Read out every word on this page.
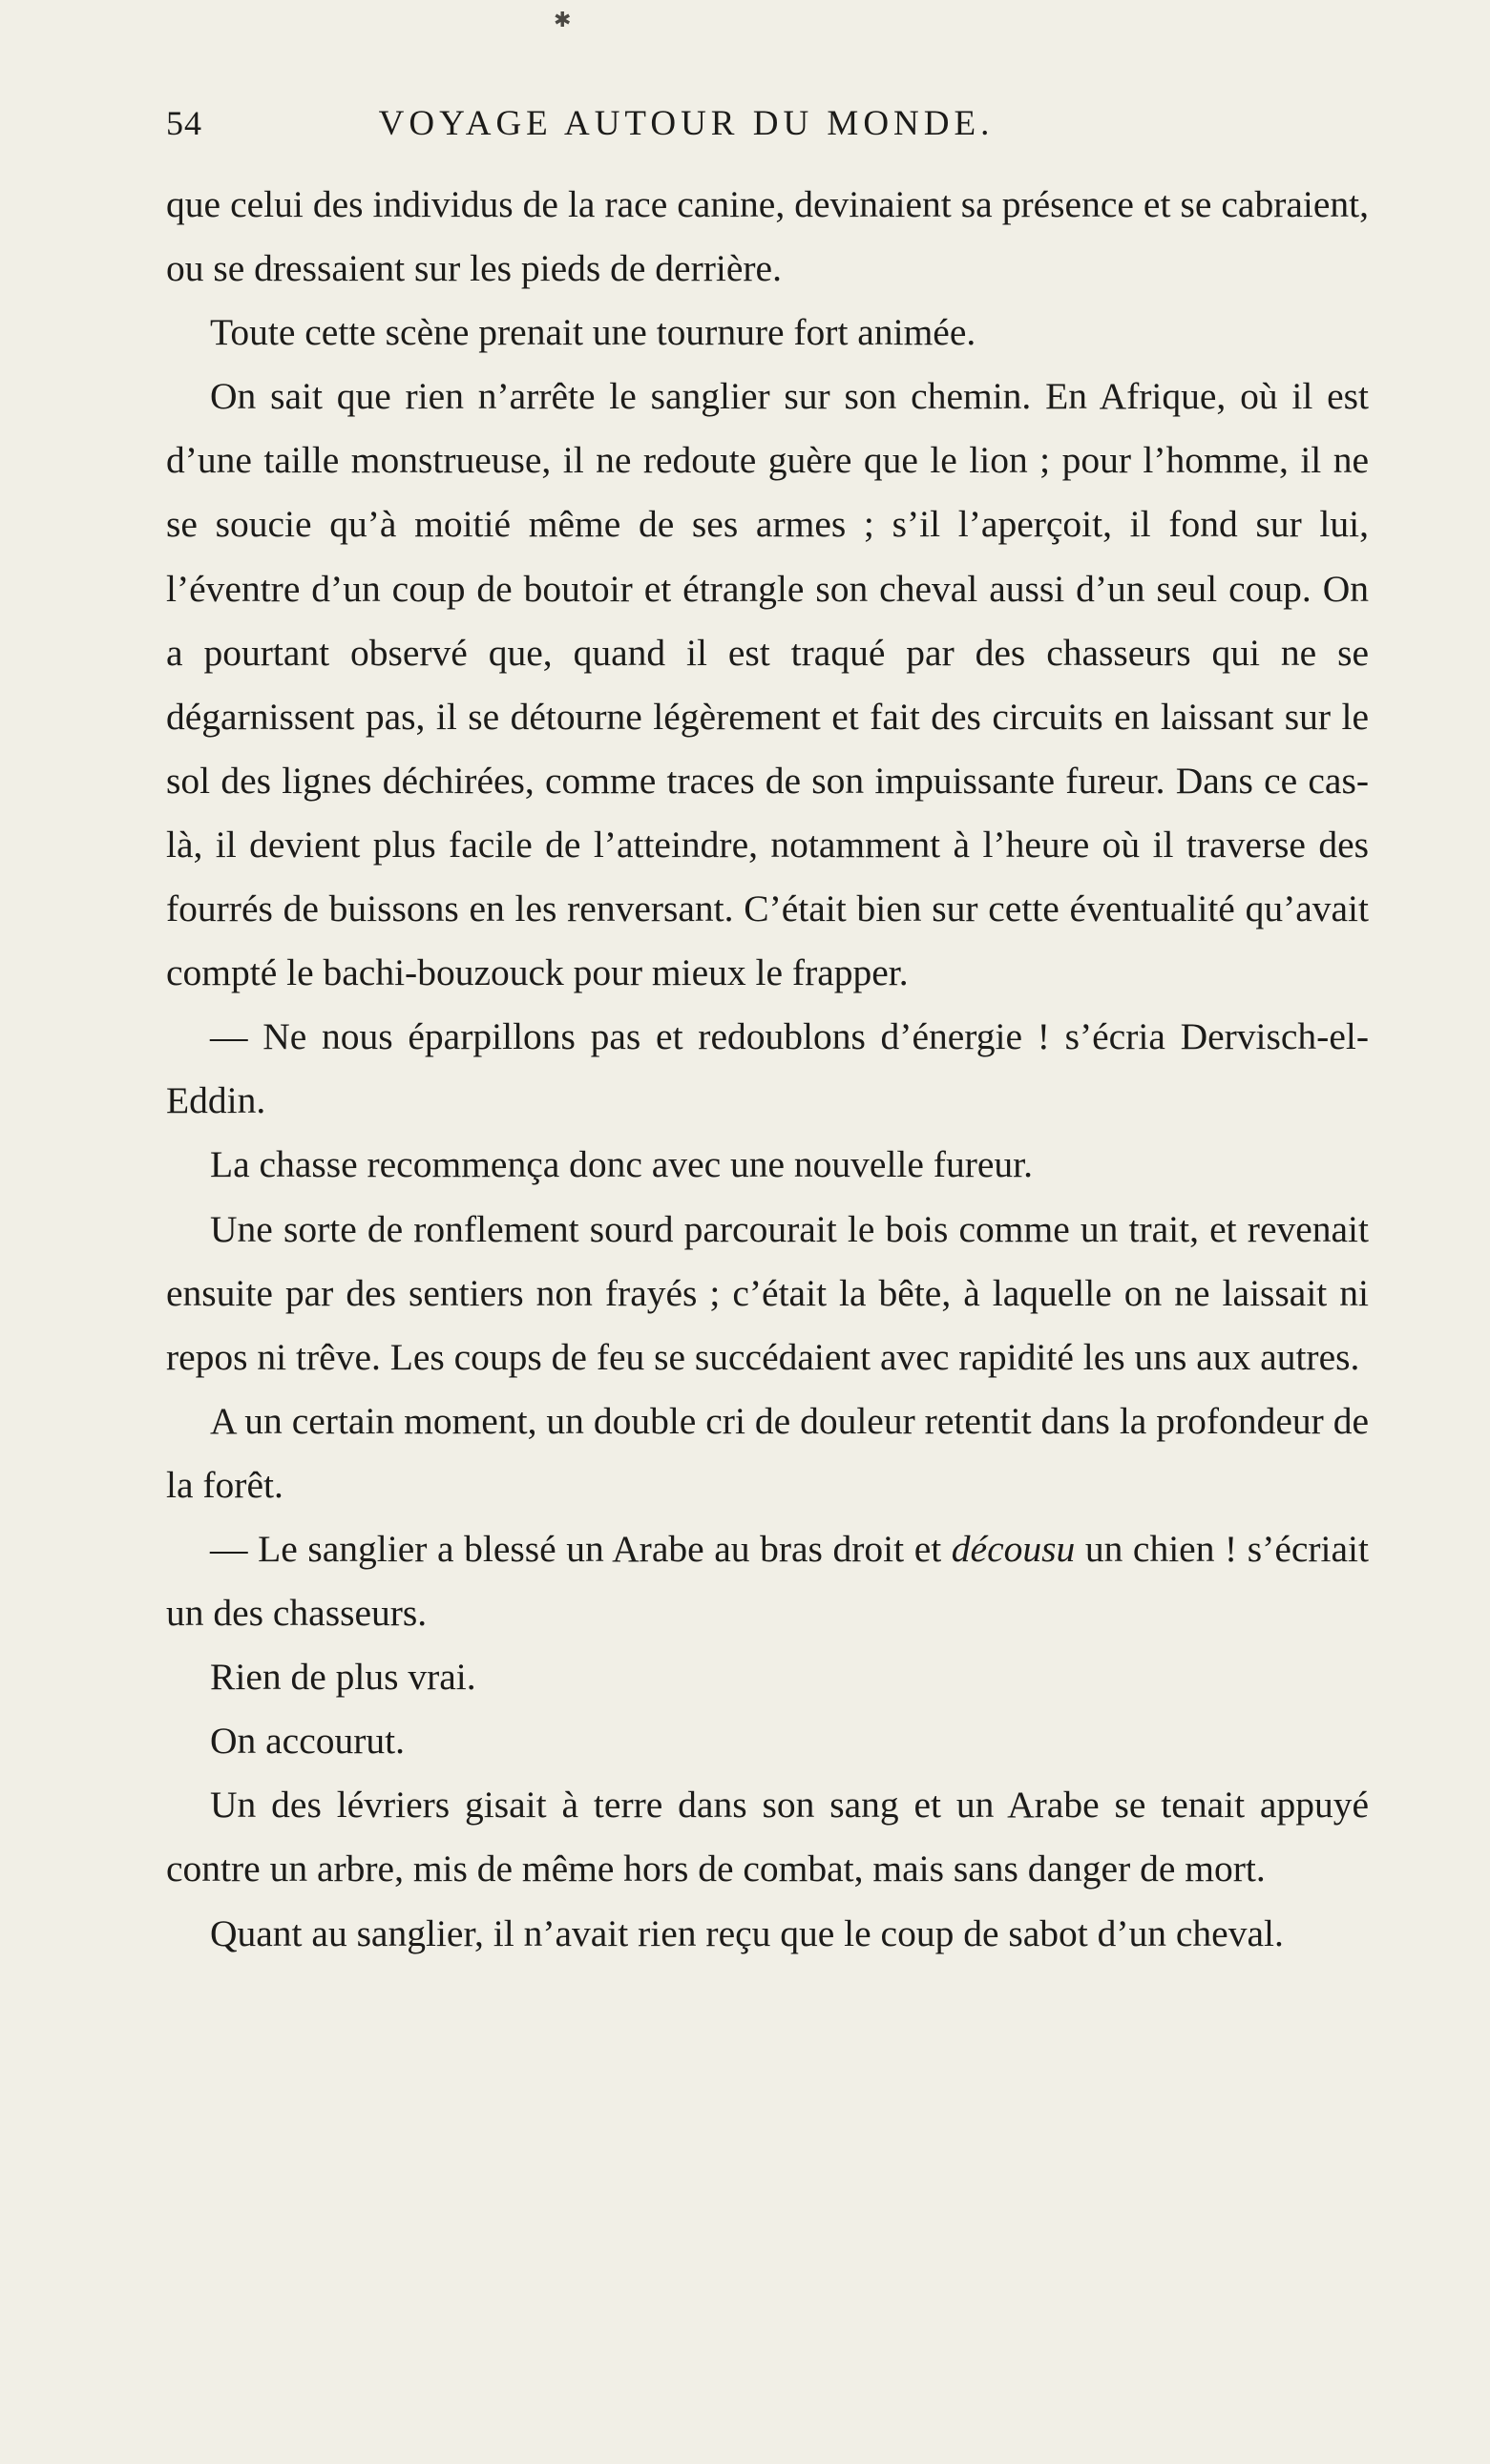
✱
54	VOYAGE AUTOUR DU MONDE.

que celui des individus de la race canine, devinaient sa présence et se cabraient, ou se dressaient sur les pieds de derrière.

Toute cette scène prenait une tournure fort animée.

On sait que rien n’arrête le sanglier sur son chemin. En Afrique, où il est d’une taille monstrueuse, il ne redoute guère que le lion ; pour l’homme, il ne se soucie qu’à moitié même de ses armes ; s’il l’aperçoit, il fond sur lui, l’éventre d’un coup de boutoir et étrangle son cheval aussi d’un seul coup. On a pourtant observé que, quand il est traqué par des chasseurs qui ne se dégarnissent pas, il se détourne légèrement et fait des circuits en laissant sur le sol des lignes déchirées, comme traces de son impuissante fureur. Dans ce cas-là, il devient plus facile de l’atteindre, notamment à l’heure où il traverse des fourrés de buissons en les renversant. C’était bien sur cette éventualité qu’avait compté le bachi-bouzouck pour mieux le frapper.

— Ne nous éparpillons pas et redoublons d’énergie ! s’écria Dervisch-el-Eddin.

La chasse recommença donc avec une nouvelle fureur.

Une sorte de ronflement sourd parcourait le bois comme un trait, et revenait ensuite par des sentiers non frayés ; c’était la bête, à laquelle on ne laissait ni repos ni trêve. Les coups de feu se succédaient avec rapidité les uns aux autres.

A un certain moment, un double cri de douleur retentit dans la profondeur de la forêt.

— Le sanglier a blessé un Arabe au bras droit et décousu un chien ! s’écriait un des chasseurs.

Rien de plus vrai.

On accourut.

Un des lévriers gisait à terre dans son sang et un Arabe se tenait appuyé contre un arbre, mis de même hors de combat, mais sans danger de mort.

Quant au sanglier, il n’avait rien reçu que le coup de sabot d’un cheval.
